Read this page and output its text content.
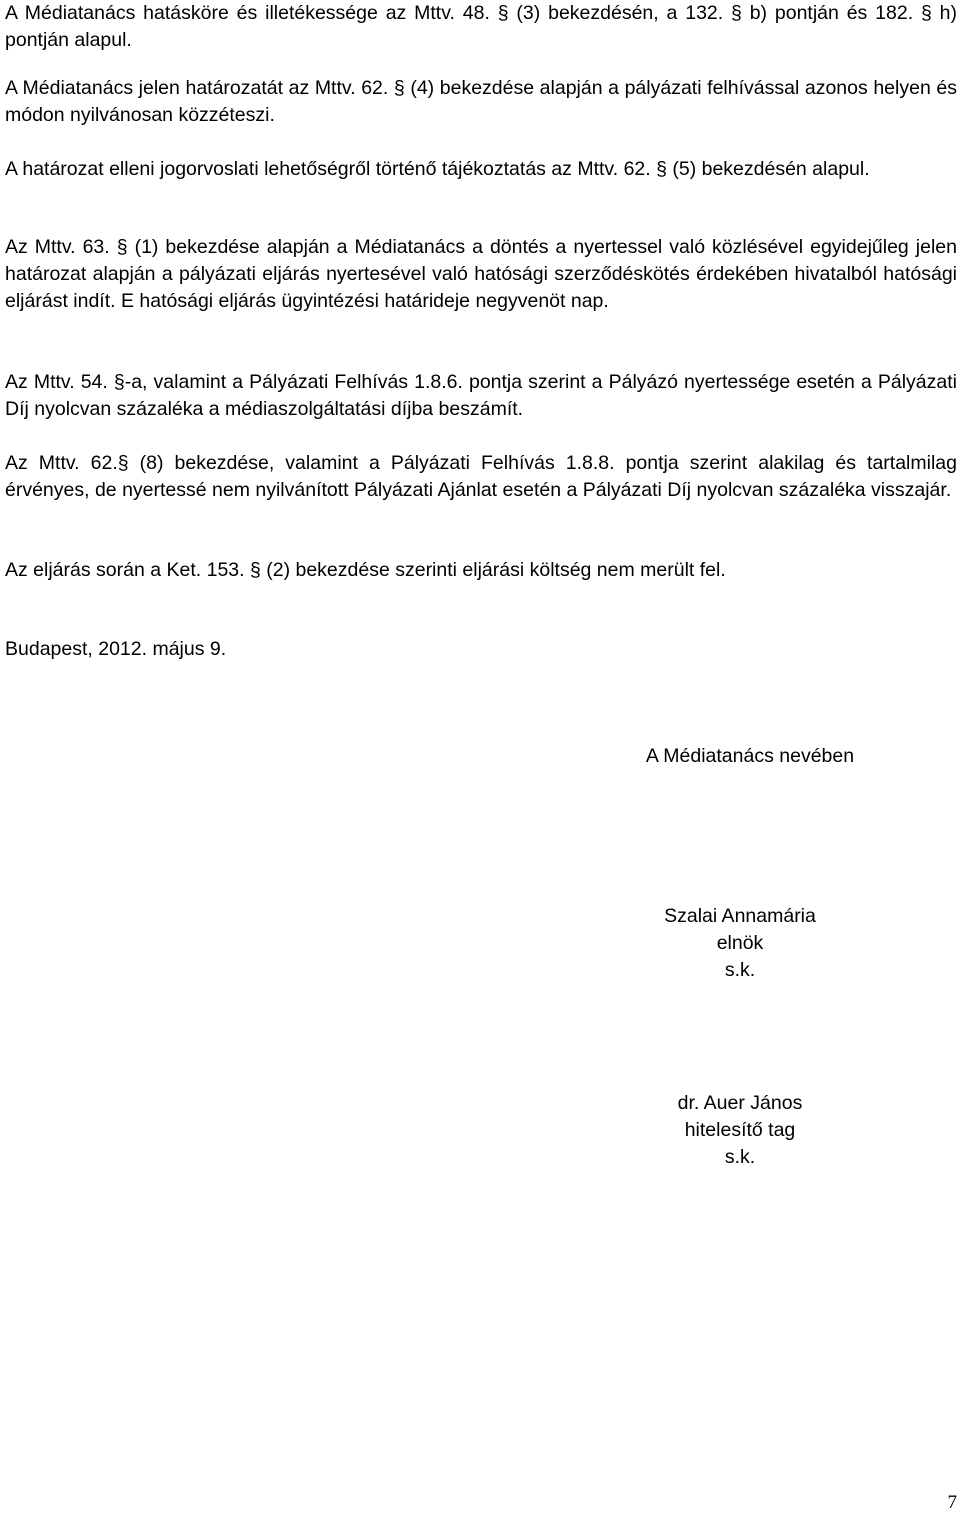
A Médiatanács hatásköre és illetékessége az Mttv. 48. § (3) bekezdésén, a 132. § b) pontján és 182. § h) pontján alapul.

A Médiatanács jelen határozatát az Mttv. 62. § (4) bekezdése alapján a pályázati felhívással azonos helyen és módon nyilvánosan közzéteszi.

A határozat elleni jogorvoslati lehetőségről történő tájékoztatás az Mttv. 62. § (5) bekezdésén alapul.

Az Mttv. 63. § (1) bekezdése alapján a Médiatanács a döntés a nyertessel való közlésével egyidejűleg jelen határozat alapján a pályázati eljárás nyertesével való hatósági szerződéskötés érdekében hivatalból hatósági eljárást indít. E hatósági eljárás ügyintézési határideje negyvenöt nap.

Az Mttv. 54. §-a, valamint a Pályázati Felhívás 1.8.6. pontja szerint a Pályázó nyertessége esetén a Pályázati Díj nyolcvan százaléka a médiaszolgáltatási díjba beszámít.

Az Mttv. 62.§ (8) bekezdése, valamint a Pályázati Felhívás 1.8.8. pontja szerint alakilag és tartalmilag érvényes, de nyertessé nem nyilvánított Pályázati Ajánlat esetén a Pályázati Díj nyolcvan százaléka visszajár.

Az eljárás során a Ket. 153. § (2) bekezdése szerinti eljárási költség nem merült fel.

Budapest, 2012. május 9.

A Médiatanács nevében

Szalai Annamária
elnök
s.k.
dr. Auer János
hitelesítő tag
s.k.
7
